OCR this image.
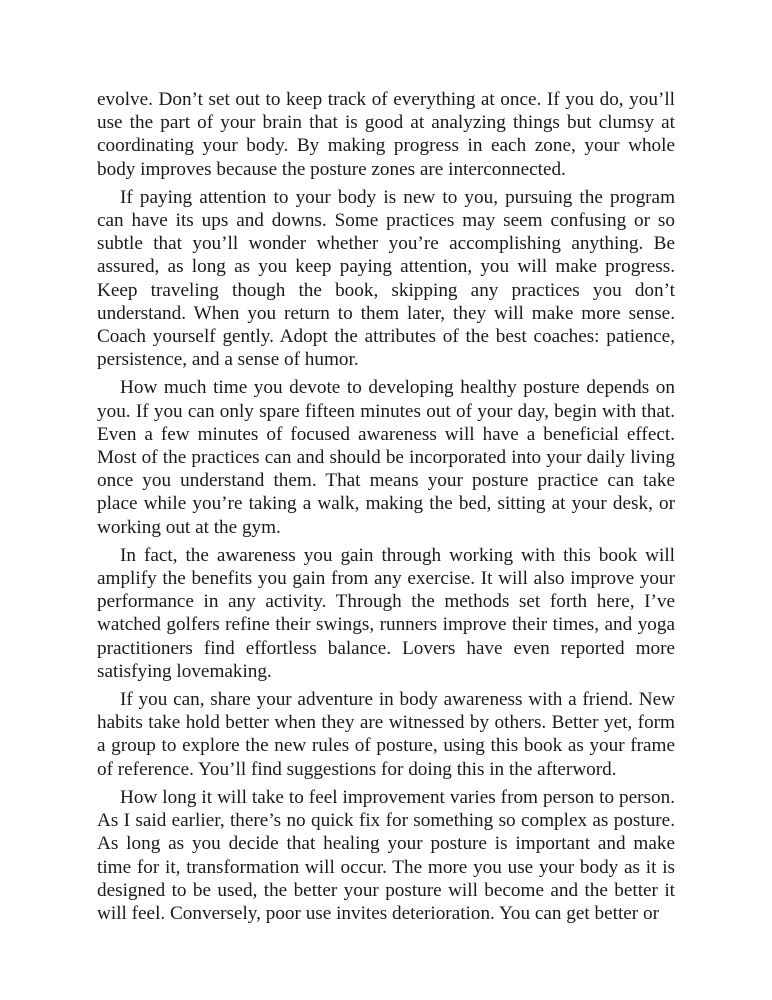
evolve. Don’t set out to keep track of everything at once. If you do, you’ll use the part of your brain that is good at analyzing things but clumsy at coordinating your body. By making progress in each zone, your whole body improves because the posture zones are interconnected.

If paying attention to your body is new to you, pursuing the program can have its ups and downs. Some practices may seem confusing or so subtle that you’ll wonder whether you’re accomplishing anything. Be assured, as long as you keep paying attention, you will make progress. Keep traveling though the book, skipping any practices you don’t understand. When you return to them later, they will make more sense. Coach yourself gently. Adopt the attributes of the best coaches: patience, persistence, and a sense of humor.

How much time you devote to developing healthy posture depends on you. If you can only spare fifteen minutes out of your day, begin with that. Even a few minutes of focused awareness will have a beneficial effect. Most of the practices can and should be incorporated into your daily living once you understand them. That means your posture practice can take place while you’re taking a walk, making the bed, sitting at your desk, or working out at the gym.

In fact, the awareness you gain through working with this book will amplify the benefits you gain from any exercise. It will also improve your performance in any activity. Through the methods set forth here, I’ve watched golfers refine their swings, runners improve their times, and yoga practitioners find effortless balance. Lovers have even reported more satisfying lovemaking.

If you can, share your adventure in body awareness with a friend. New habits take hold better when they are witnessed by others. Better yet, form a group to explore the new rules of posture, using this book as your frame of reference. You’ll find suggestions for doing this in the afterword.

How long it will take to feel improvement varies from person to person. As I said earlier, there’s no quick fix for something so complex as posture. As long as you decide that healing your posture is important and make time for it, transformation will occur. The more you use your body as it is designed to be used, the better your posture will become and the better it will feel. Conversely, poor use invites deterioration. You can get better or
